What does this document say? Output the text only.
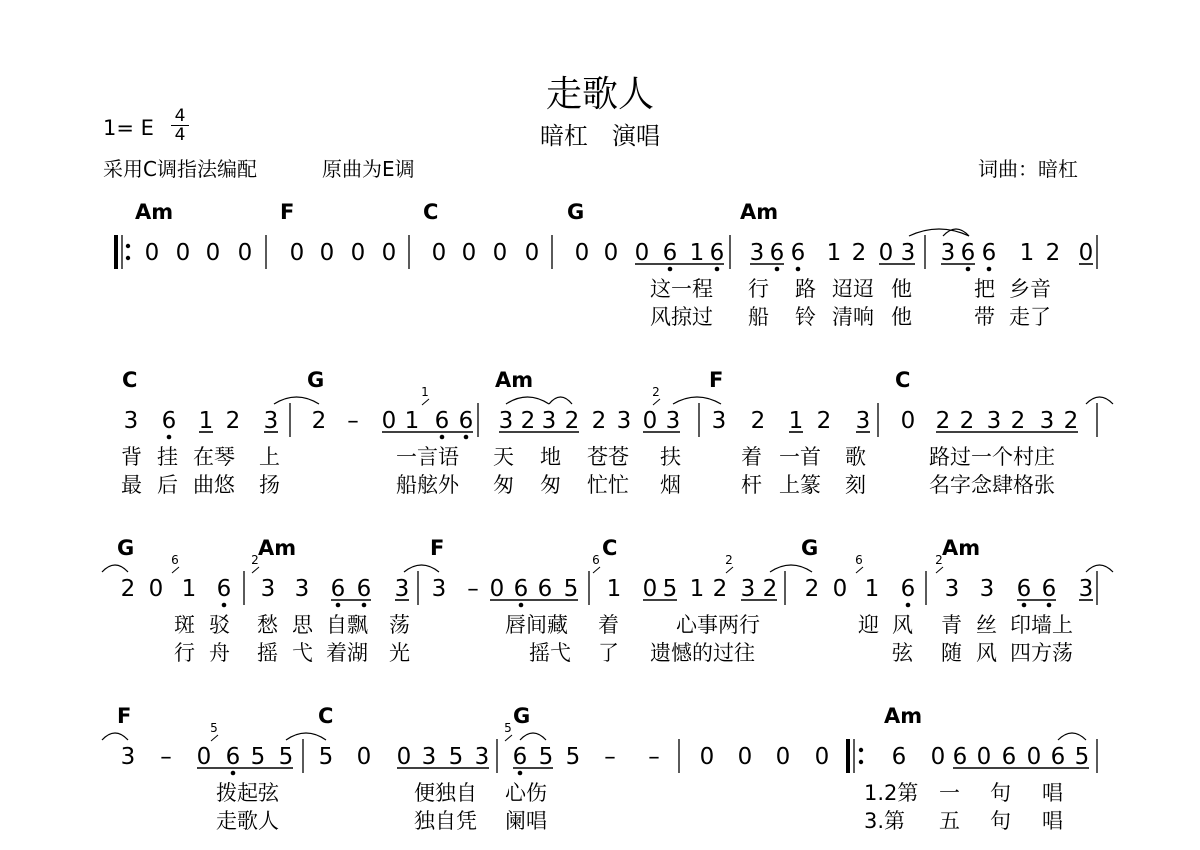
走歌人
暗杠　演唱
1= E 4
4
采用C调指法编配	原曲为E调	词曲：暗杠
Am	F	C	G	Am
0 0 0 0 0 0 0 0 0 0 0 0 0 0 0 6 1 6 3 6 6 1 2 0 3 3 6 6 1 2 0
这一程 行 路 迢迢 他	把 乡音
风掠过 船 铃 清响 他	带 走了
C	G	Am	F	C
3 6 1 2 3 2 – 0 1 6 6 3 2 3 2 2 3 0 3 3 2 1 2 3 0 2 2 3 2 3 2
1	2
背 挂 在琴 上	一言语 天 地 苍苍 扶	着 一首 歌	路过一个村庄
最 后 曲悠 扬	船舷外 匆 匆 忙忙 烟	杆 上篆 刻	名字念肆格张
G	Am	F	C	G	Am
2 0 1 6 3 3 6 6 3 3 – 0 6 6 5 1 0 5 1 2 3 2 2 0 1 6 3 3 6 6 3
6	2	6	2	6	2
斑 驳 愁 思 自飘 荡	唇间藏 着	心事两行	迎 风 青 丝 印墙上
行 舟 摇 弋 着湖 光	摇弋 了 遗憾的过往	弦 随 风 四方荡
F	C	G	Am
3 – 0 6 5 5 5 0 0 3 5 3 6 5 5 – – 0 0 0 0	6 0 6 0 6 0 6 5
5	5
拨起弦	便独自 心伤	1.2第 一 句 唱
走歌人	独自凭 阑唱	3.第 五 句 唱
